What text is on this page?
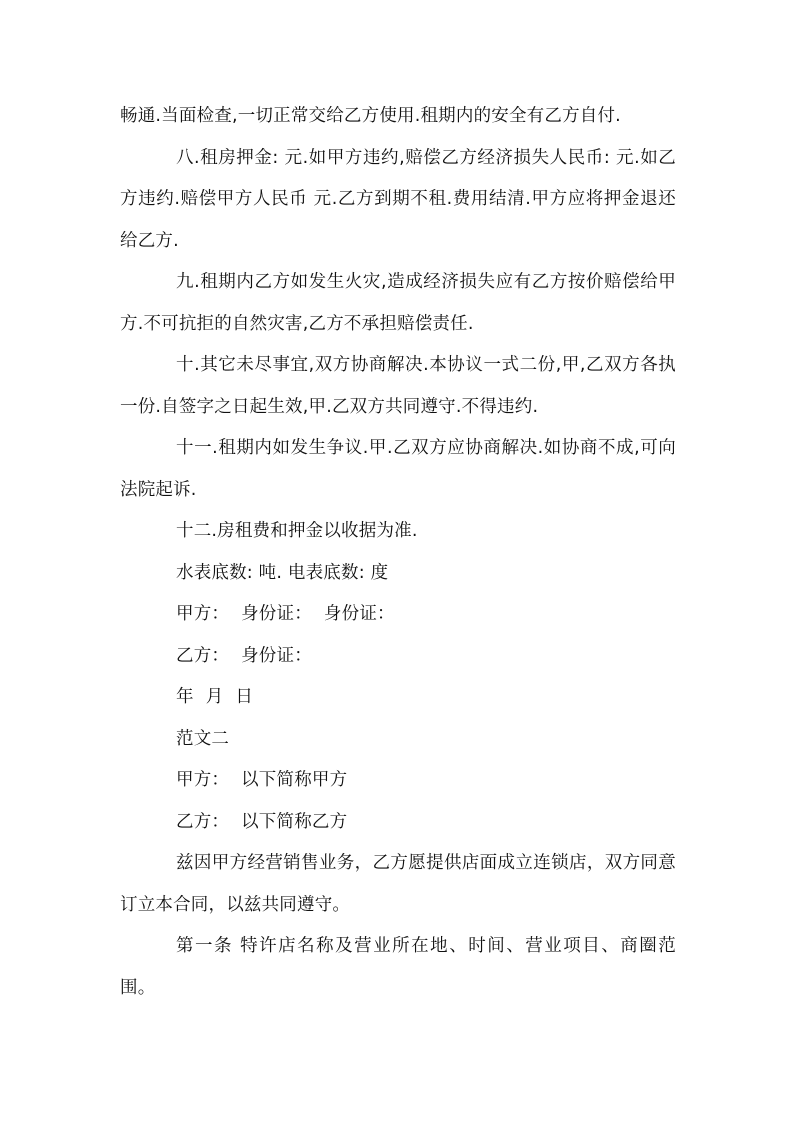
畅通.当面检查,一切正常交给乙方使用.租期内的安全有乙方自付.

八.租房押金: 元.如甲方违约,赔偿乙方经济损失人民币: 元.如乙方违约.赔偿甲方人民币 元.乙方到期不租.费用结清.甲方应将押金退还给乙方.

九.租期内乙方如发生火灾,造成经济损失应有乙方按价赔偿给甲方.不可抗拒的自然灾害,乙方不承担赔偿责任.

十.其它未尽事宜,双方协商解决.本协议一式二份,甲,乙双方各执一份.自签字之日起生效,甲.乙双方共同遵守.不得违约.

十一.租期内如发生争议.甲.乙双方应协商解决.如协商不成,可向法院起诉.

十二.房租费和押金以收据为准.

水表底数: 吨. 电表底数: 度

甲方： 身份证： 身份证：

乙方： 身份证：

年 月 日

范文二

甲方： 以下简称甲方

乙方： 以下简称乙方

兹因甲方经营销售业务，乙方愿提供店面成立连锁店，双方同意订立本合同，以兹共同遵守。

第一条 特许店名称及营业所在地、时间、营业项目、商圈范围。
